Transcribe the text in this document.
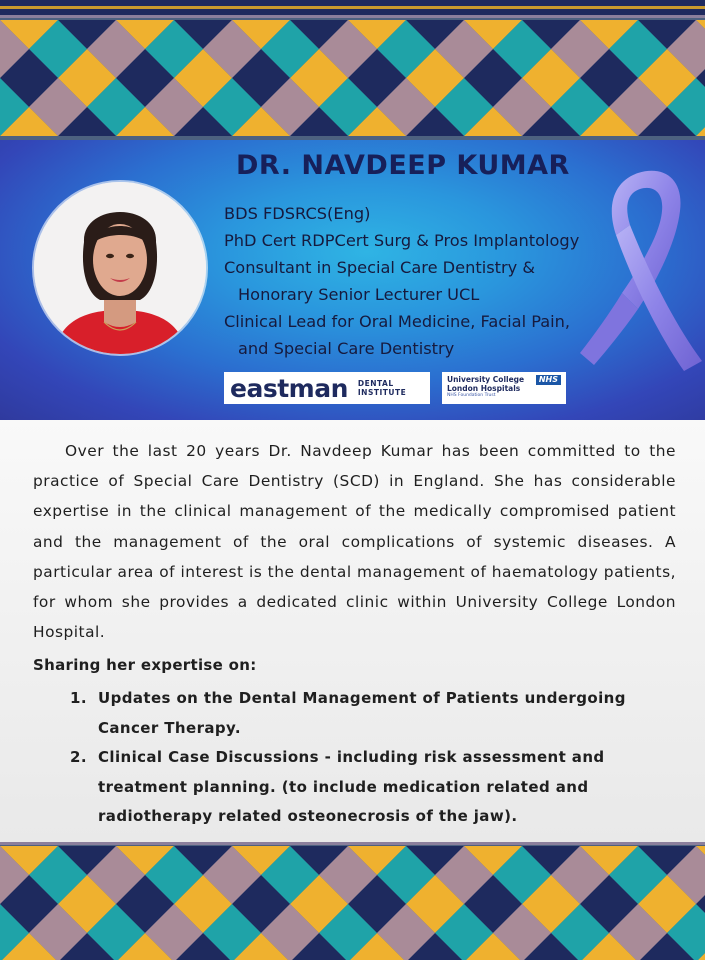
DR. NAVDEEP KUMAR
BDS FDSRCS(Eng)
PhD Cert RDPCert Surg & Pros Implantology
Consultant in Special Care Dentistry &
Honorary Senior Lecturer UCL
Clinical Lead for Oral Medicine, Facial Pain,
and Special Care Dentistry
eastman DENTAL
INSTITUTE
NHS
University College
London Hospitals
NHS Foundation Trust

Over the last 20 years Dr. Navdeep Kumar has been committed to the practice of Special Care Dentistry (SCD) in England. She has considerable expertise in the clinical management of the medically compromised patient and the management of the oral complications of systemic diseases. A particular area of interest is the dental management of haematology patients, for whom she provides a dedicated clinic within University College London Hospital.

Sharing her expertise on:

1. Updates on the Dental Management of Patients undergoing Cancer Therapy.
2. Clinical Case Discussions - including risk assessment and treatment planning. (to include medication related and radiotherapy related osteonecrosis of the jaw).
